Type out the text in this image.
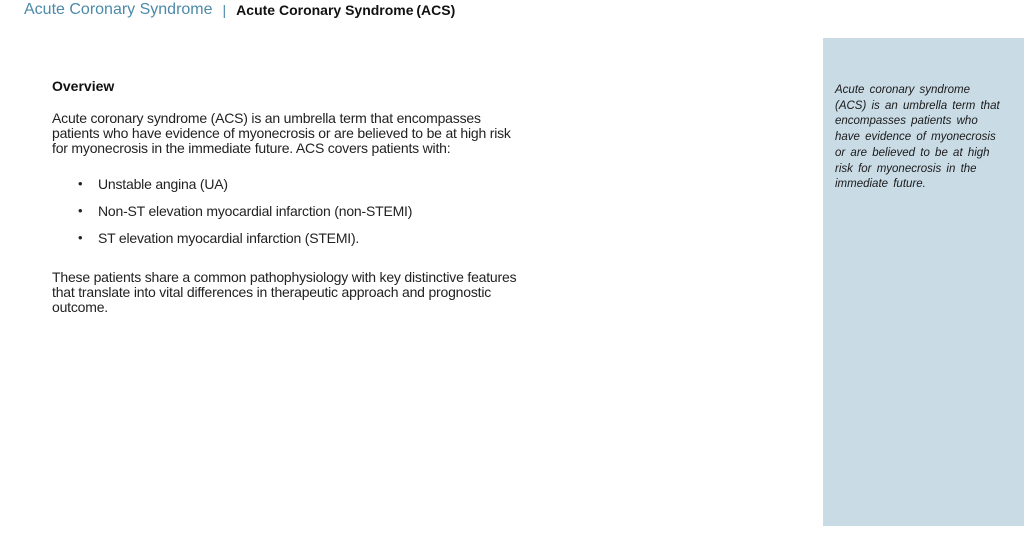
Acute Coronary Syndrome | Acute Coronary Syndrome (ACS)
Overview

Acute coronary syndrome (ACS) is an umbrella term that encompasses patients who have evidence of myonecrosis or are believed to be at high risk for myonecrosis in the immediate future. ACS covers patients with:

•	Unstable angina (UA)
•	Non-ST elevation myocardial infarction (non-STEMI)
•	ST elevation myocardial infarction (STEMI).

These patients share a common pathophysiology with key distinctive features that translate into vital differences in therapeutic approach and prognostic outcome.

Acute coronary syndrome (ACS) is an umbrella term that encompasses patients who have evidence of myonecrosis or are believed to be at high risk for myonecrosis in the immediate future.
